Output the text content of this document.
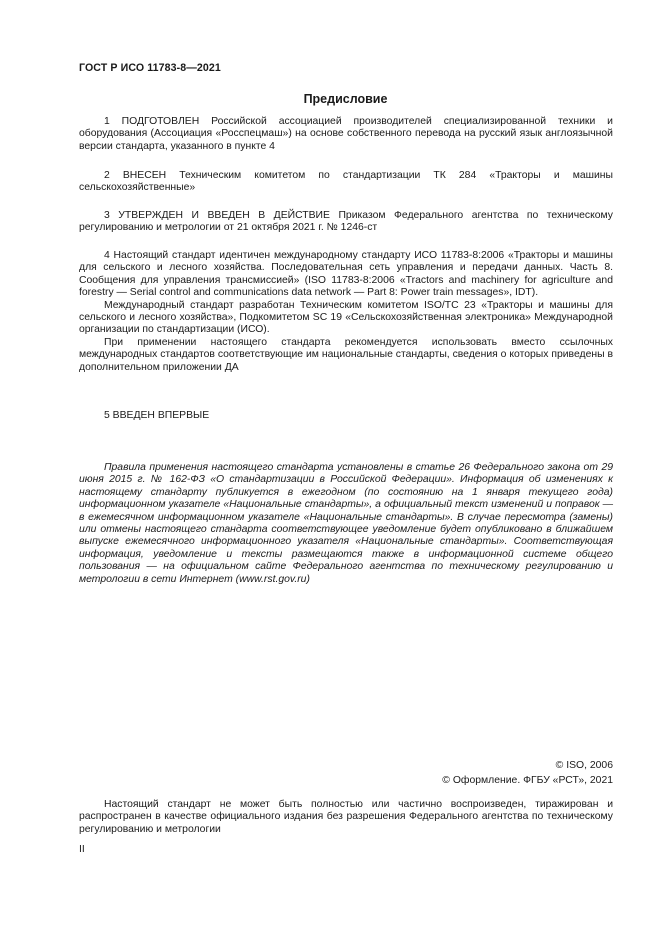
ГОСТ Р ИСО 11783-8—2021
Предисловие

1 ПОДГОТОВЛЕН Российской ассоциацией производителей специализированной техники и оборудования (Ассоциация «Росспецмаш») на основе собственного перевода на русский язык англоязычной версии стандарта, указанного в пункте 4

2 ВНЕСЕН Техническим комитетом по стандартизации ТК 284 «Тракторы и машины сельскохозяйственные»

3 УТВЕРЖДЕН И ВВЕДЕН В ДЕЙСТВИЕ Приказом Федерального агентства по техническому регулированию и метрологии от 21 октября 2021 г. № 1246-ст

4 Настоящий стандарт идентичен международному стандарту ИСО 11783-8:2006 «Тракторы и машины для сельского и лесного хозяйства. Последовательная сеть управления и передачи данных. Часть 8. Сообщения для управления трансмиссией» (ISO 11783-8:2006 «Tractors and machinery for agriculture and forestry — Serial control and communications data network — Part 8: Power train messages», IDT).

Международный стандарт разработан Техническим комитетом ISO/TC 23 «Тракторы и машины для сельского и лесного хозяйства», Подкомитетом SC 19 «Сельскохозяйственная электроника» Международной организации по стандартизации (ИСО).

При применении настоящего стандарта рекомендуется использовать вместо ссылочных международных стандартов соответствующие им национальные стандарты, сведения о которых приведены в дополнительном приложении ДА

5 ВВЕДЕН ВПЕРВЫЕ

Правила применения настоящего стандарта установлены в статье 26 Федерального закона от 29 июня 2015 г. № 162-ФЗ «О стандартизации в Российской Федерации». Информация об изменениях к настоящему стандарту публикуется в ежегодном (по состоянию на 1 января текущего года) информационном указателе «Национальные стандарты», а официальный текст изменений и поправок — в ежемесячном информационном указателе «Национальные стандарты». В случае пересмотра (замены) или отмены настоящего стандарта соответствующее уведомление будет опубликовано в ближайшем выпуске ежемесячного информационного указателя «Национальные стандарты». Соответствующая информация, уведомление и тексты размещаются также в информационной системе общего пользования — на официальном сайте Федерального агентства по техническому регулированию и метрологии в сети Интернет (www.rst.gov.ru)

© ISO, 2006
© Оформление. ФГБУ «РСТ», 2021

Настоящий стандарт не может быть полностью или частично воспроизведен, тиражирован и распространен в качестве официального издания без разрешения Федерального агентства по техническому регулированию и метрологии

II
